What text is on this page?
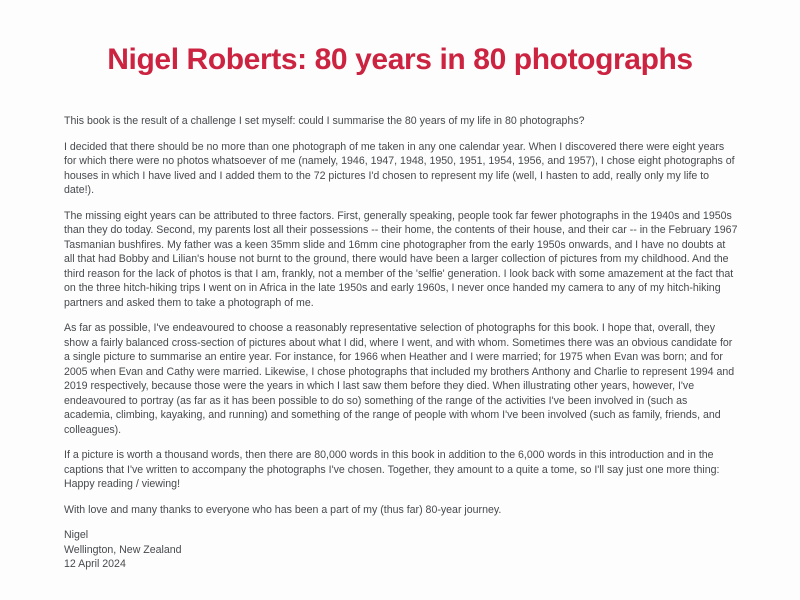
Nigel Roberts: 80 years in 80 photographs

This book is the result of a challenge I set myself: could I summarise the 80 years of my life in 80 photographs?

I decided that there should be no more than one photograph of me taken in any one calendar year. When I discovered there were eight years for which there were no photos whatsoever of me (namely, 1946, 1947, 1948, 1950, 1951, 1954, 1956, and 1957), I chose eight photographs of houses in which I have lived and I added them to the 72 pictures I'd chosen to represent my life (well, I hasten to add, really only my life to date!).

The missing eight years can be attributed to three factors. First, generally speaking, people took far fewer photographs in the 1940s and 1950s than they do today. Second, my parents lost all their possessions -- their home, the contents of their house, and their car -- in the February 1967 Tasmanian bushfires. My father was a keen 35mm slide and 16mm cine photographer from the early 1950s onwards, and I have no doubts at all that had Bobby and Lilian's house not burnt to the ground, there would have been a larger collection of pictures from my childhood. And the third reason for the lack of photos is that I am, frankly, not a member of the 'selfie' generation. I look back with some amazement at the fact that on the three hitch-hiking trips I went on in Africa in the late 1950s and early 1960s, I never once handed my camera to any of my hitch-hiking partners and asked them to take a photograph of me.

As far as possible, I've endeavoured to choose a reasonably representative selection of photographs for this book. I hope that, overall, they show a fairly balanced cross-section of pictures about what I did, where I went, and with whom. Sometimes there was an obvious candidate for a single picture to summarise an entire year. For instance, for 1966 when Heather and I were married; for 1975 when Evan was born; and for 2005 when Evan and Cathy were married. Likewise, I chose photographs that included my brothers Anthony and Charlie to represent 1994 and 2019 respectively, because those were the years in which I last saw them before they died. When illustrating other years, however, I've endeavoured to portray (as far as it has been possible to do so) something of the range of the activities I've been involved in (such as academia, climbing, kayaking, and running) and something of the range of people with whom I've been involved (such as family, friends, and colleagues).

If a picture is worth a thousand words, then there are 80,000 words in this book in addition to the 6,000 words in this introduction and in the captions that I've written to accompany the photographs I've chosen. Together, they amount to a quite a tome, so I'll say just one more thing: Happy reading / viewing!

With love and many thanks to everyone who has been a part of my (thus far) 80-year journey.

Nigel
Wellington, New Zealand
12 April 2024
